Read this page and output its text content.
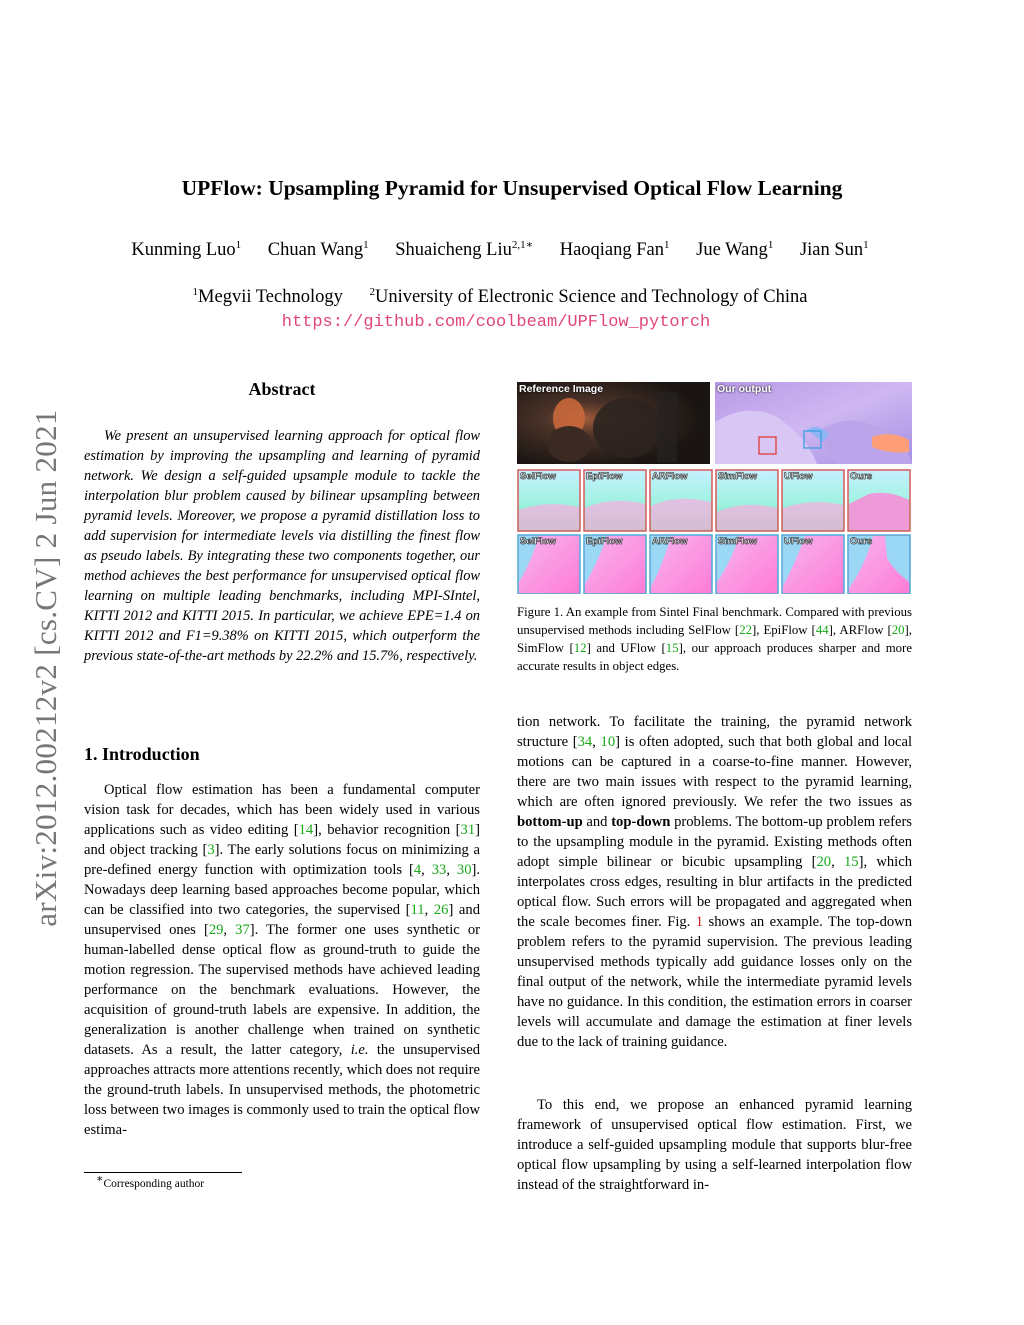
arXiv:2012.00212v2 [cs.CV] 2 Jun 2021
UPFlow: Upsampling Pyramid for Unsupervised Optical Flow Learning
Kunming Luo$^1$ Chuan Wang$^1$ Shuaicheng Liu$^{2,1∗}$ Haoqiang Fan$^1$ Jue Wang$^1$ Jian Sun$^1$
$^1$Megvii Technology $^2$University of Electronic Science and Technology of China
https://github.com/coolbeam/UPFlow_pytorch
Abstract
We present an unsupervised learning approach for optical flow estimation by improving the upsampling and learning of pyramid network. We design a self-guided upsample module to tackle the interpolation blur problem caused by bilinear upsampling between pyramid levels. Moreover, we propose a pyramid distillation loss to add supervision for intermediate levels via distilling the finest flow as pseudo labels. By integrating these two components together, our method achieves the best performance for unsupervised optical flow learning on multiple leading benchmarks, including MPI-SIntel, KITTI 2012 and KITTI 2015. In particular, we achieve EPE=1.4 on KITTI 2012 and F1=9.38% on KITTI 2015, which outperform the previous state-of-the-art methods by 22.2% and 15.7%, respectively.
1. Introduction
Optical flow estimation has been a fundamental computer vision task for decades, which has been widely used in various applications such as video editing [14], behavior recognition [31] and object tracking [3]. The early solutions focus on minimizing a pre-defined energy function with optimization tools [4, 33, 30]. Nowadays deep learning based approaches become popular, which can be classified into two categories, the supervised [11, 26] and unsupervised ones [29, 37]. The former one uses synthetic or human-labelled dense optical flow as ground-truth to guide the motion regression. The supervised methods have achieved leading performance on the benchmark evaluations. However, the acquisition of ground-truth labels are expensive. In addition, the generalization is another challenge when trained on synthetic datasets. As a result, the latter category, i.e. the unsupervised approaches attracts more attentions recently, which does not require the ground-truth labels. In unsupervised methods, the photometric loss between two images is commonly used to train the optical flow estima-
∗Corresponding author
Reference Image	Our output
SelFlow	EpiFlow	ARFlow	SimFlow	UFlow	Ours
SelFlow	EpiFlow	ARFlow	SimFlow	UFlow	Ours
Figure 1. An example from Sintel Final benchmark. Compared with previous unsupervised methods including SelFlow [22], EpiFlow [44], ARFlow [20], SimFlow [12] and UFlow [15], our approach produces sharper and more accurate results in object edges.
tion network. To facilitate the training, the pyramid network structure [34, 10] is often adopted, such that both global and local motions can be captured in a coarse-to-fine manner. However, there are two main issues with respect to the pyramid learning, which are often ignored previously. We refer the two issues as bottom-up and top-down problems. The bottom-up problem refers to the upsampling module in the pyramid. Existing methods often adopt simple bilinear or bicubic upsampling [20, 15], which interpolates cross edges, resulting in blur artifacts in the predicted optical flow. Such errors will be propagated and aggregated when the scale becomes finer. Fig. 1 shows an example. The top-down problem refers to the pyramid supervision. The previous leading unsupervised methods typically add guidance losses only on the final output of the network, while the intermediate pyramid levels have no guidance. In this condition, the estimation errors in coarser levels will accumulate and damage the estimation at finer levels due to the lack of training guidance.
To this end, we propose an enhanced pyramid learning framework of unsupervised optical flow estimation. First, we introduce a self-guided upsampling module that supports blur-free optical flow upsampling by using a self-learned interpolation flow instead of the straightforward in-
